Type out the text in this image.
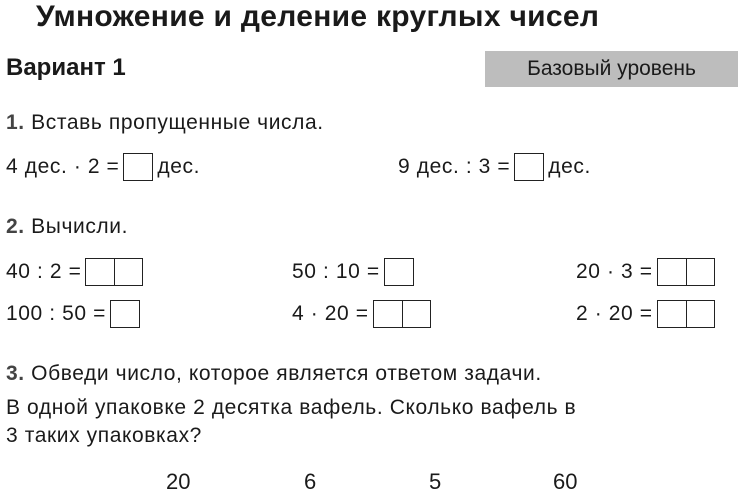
Умножение и деление круглых чисел
Вариант 1	Базовый уровень
1. Вставь пропущенные числа.
4 дес. · 2 = дес.	9 дес. : 3 = дес.
2. Вычисли.
40 : 2 =	50 : 10 =	20 · 3 =
100 : 50 =	4 · 20 =	2 · 20 =
3. Обведи число, которое является ответом задачи.
В одной упаковке 2 десятка вафель. Сколько вафель в
3 таких упаковках?
20	6	5	60
